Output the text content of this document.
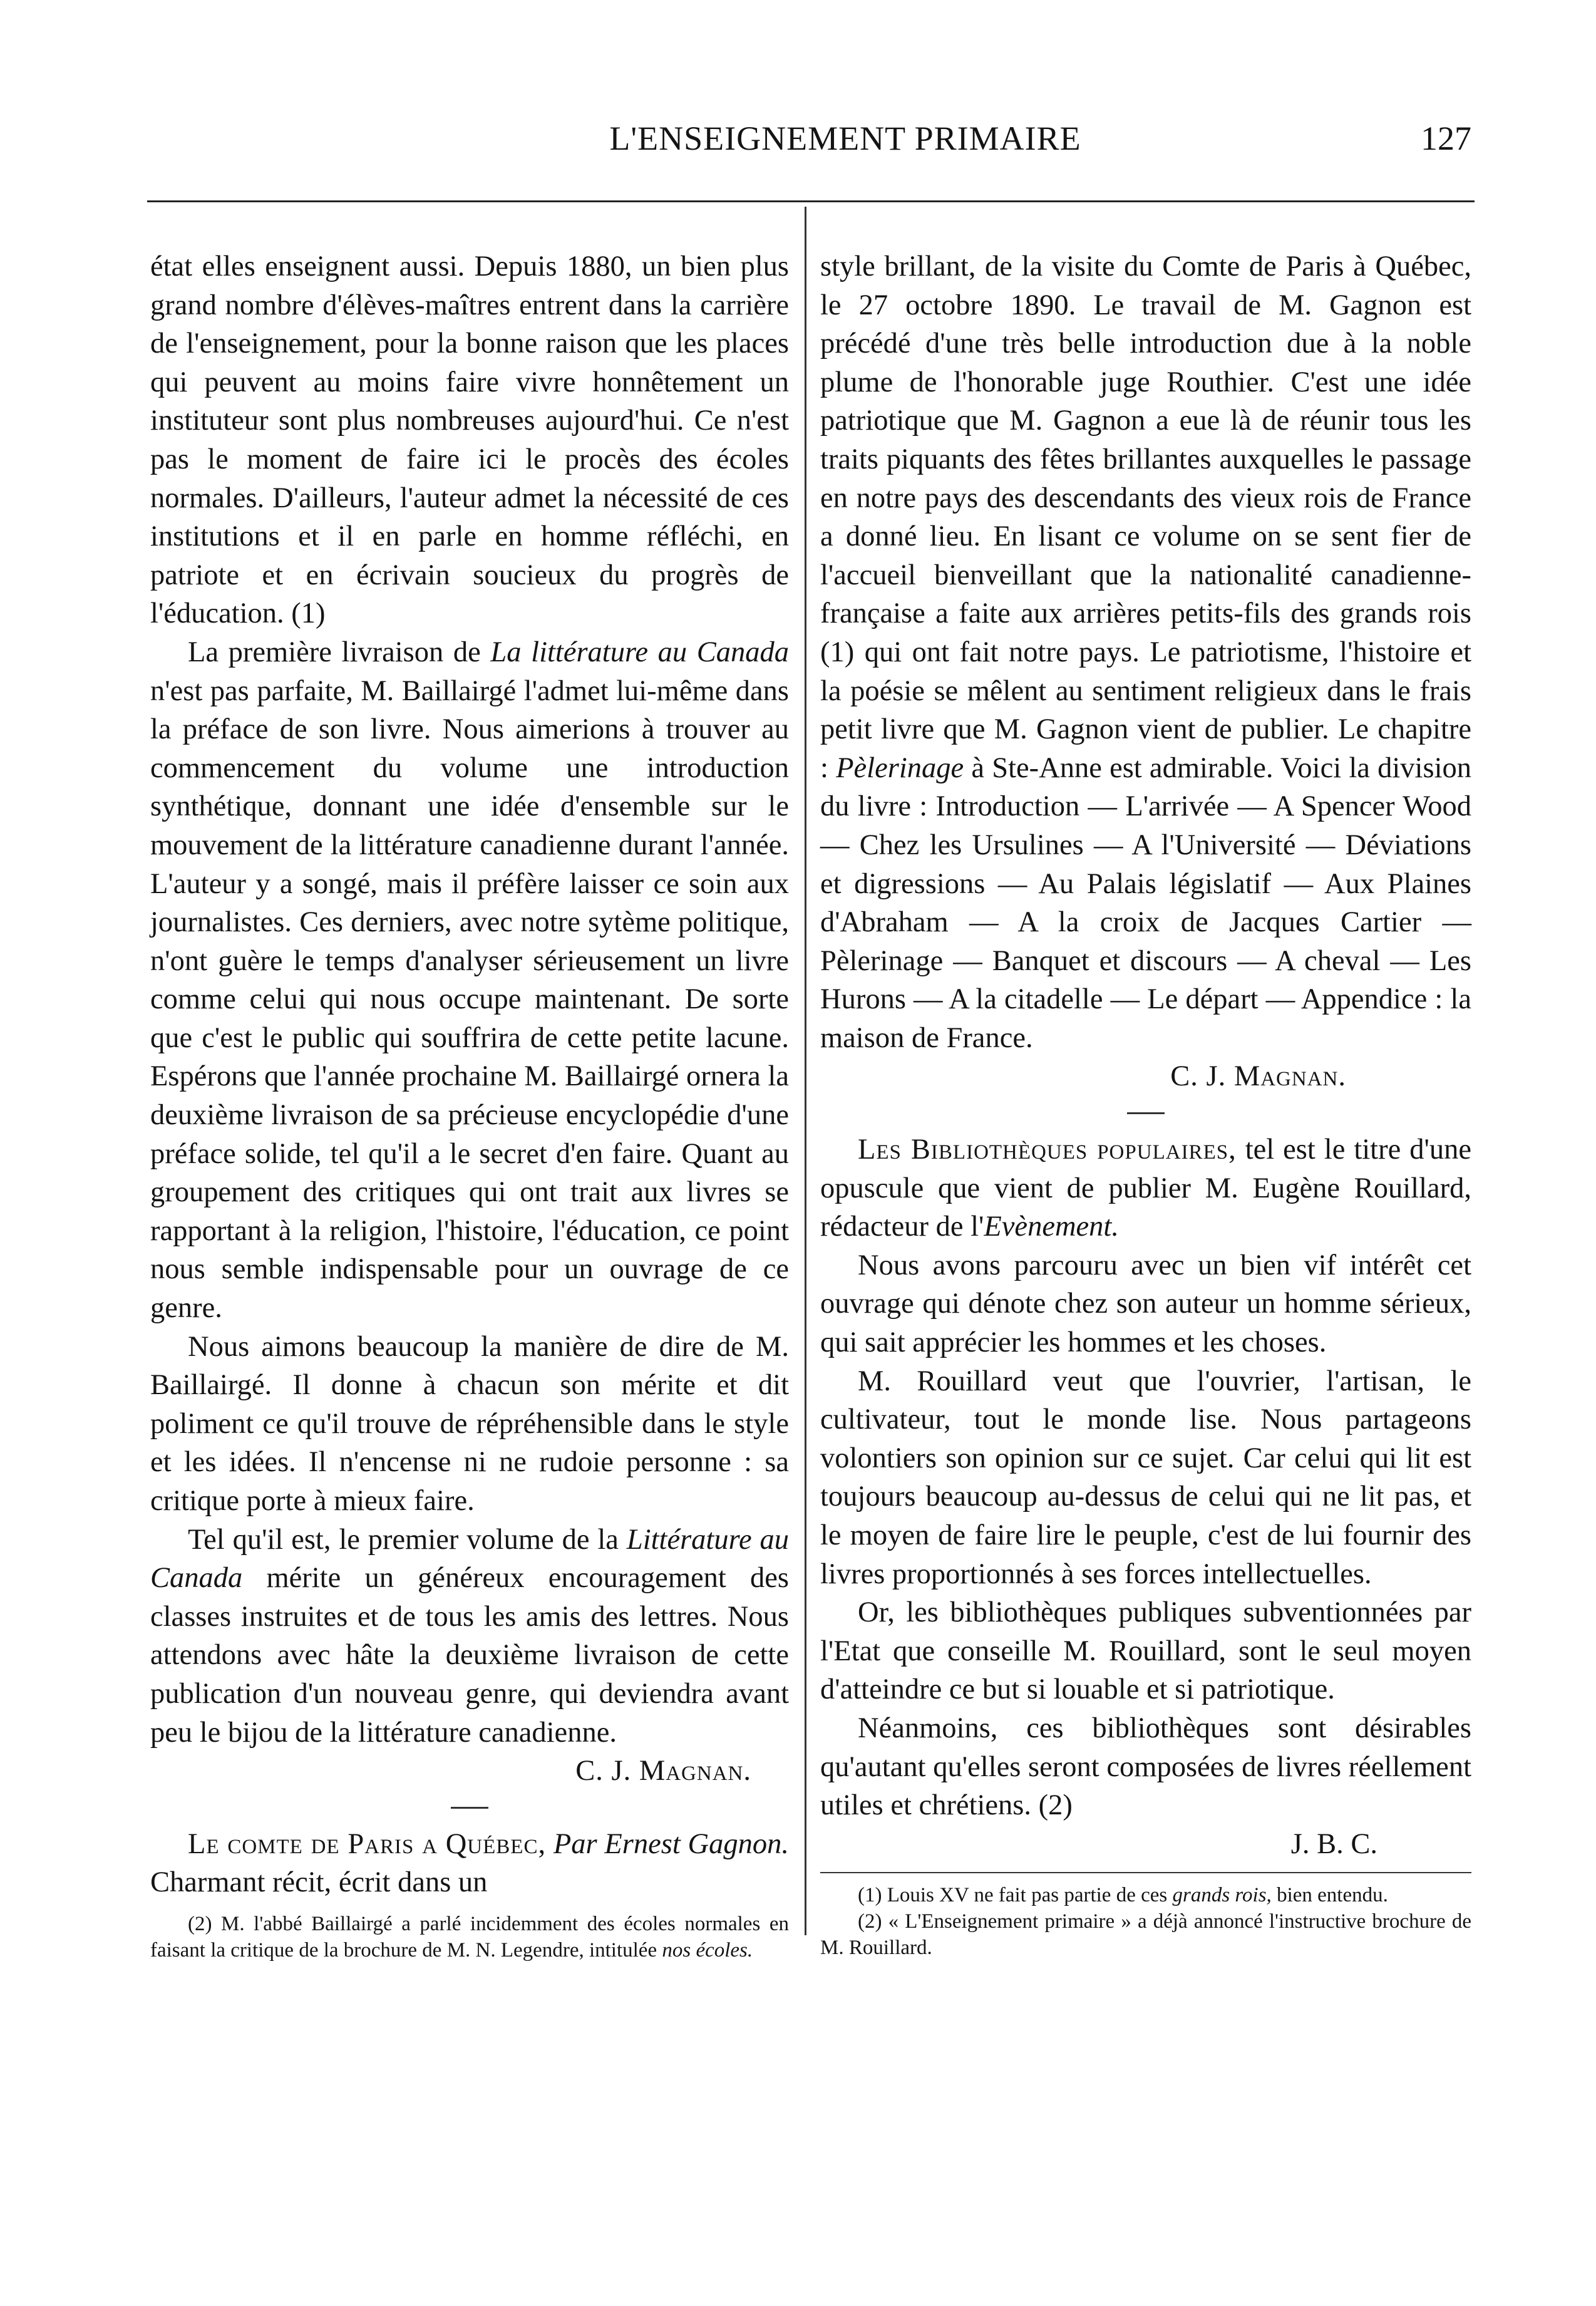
L'ENSEIGNEMENT PRIMAIRE	127

état elles enseignent aussi. Depuis 1880, un bien plus grand nombre d'élèves-maîtres entrent dans la carrière de l'enseignement, pour la bonne raison que les places qui peuvent au moins faire vivre honnêtement un instituteur sont plus nombreuses aujourd'hui. Ce n'est pas le moment de faire ici le procès des écoles normales. D'ailleurs, l'auteur admet la nécessité de ces institutions et il en parle en homme réfléchi, en patriote et en écrivain soucieux du progrès de l'éducation. (1)

La première livraison de La littérature au Canada n'est pas parfaite, M. Baillairgé l'admet lui-même dans la préface de son livre. Nous aimerions à trouver au commencement du volume une introduction synthétique, donnant une idée d'ensemble sur le mouvement de la littérature canadienne durant l'année. L'auteur y a songé, mais il préfère laisser ce soin aux journalistes. Ces derniers, avec notre sytème politique, n'ont guère le temps d'analyser sérieusement un livre comme celui qui nous occupe maintenant. De sorte que c'est le public qui souffrira de cette petite lacune. Espérons que l'année prochaine M. Baillairgé ornera la deuxième livraison de sa précieuse encyclopédie d'une préface solide, tel qu'il a le secret d'en faire. Quant au groupement des critiques qui ont trait aux livres se rapportant à la religion, l'histoire, l'éducation, ce point nous semble indispensable pour un ouvrage de ce genre.

Nous aimons beaucoup la manière de dire de M. Baillairgé. Il donne à chacun son mérite et dit poliment ce qu'il trouve de répréhensible dans le style et les idées. Il n'encense ni ne rudoie personne : sa critique porte à mieux faire.

Tel qu'il est, le premier volume de la Littérature au Canada mérite un généreux encouragement des classes instruites et de tous les amis des lettres. Nous attendons avec hâte la deuxième livraison de cette publication d'un nouveau genre, qui deviendra avant peu le bijou de la littérature canadienne.

C. J. Magnan.

Le comte de Paris a Québec, Par Ernest Gagnon. Charmant récit, écrit dans un

(2) M. l'abbé Baillairgé a parlé incidemment des écoles normales en faisant la critique de la brochure de M. N. Legendre, intitulée nos écoles.

style brillant, de la visite du Comte de Paris à Québec, le 27 octobre 1890. Le travail de M. Gagnon est précédé d'une très belle introduction due à la noble plume de l'honorable juge Routhier. C'est une idée patriotique que M. Gagnon a eue là de réunir tous les traits piquants des fêtes brillantes auxquelles le passage en notre pays des descendants des vieux rois de France a donné lieu. En lisant ce volume on se sent fier de l'accueil bienveillant que la nationalité canadienne-française a faite aux arrières petits-fils des grands rois (1) qui ont fait notre pays. Le patriotisme, l'histoire et la poésie se mêlent au sentiment religieux dans le frais petit livre que M. Gagnon vient de publier. Le chapitre : Pèlerinage à Ste-Anne est admirable. Voici la division du livre : Introduction — L'arrivée — A Spencer Wood — Chez les Ursulines — A l'Université — Déviations et digressions — Au Palais législatif — Aux Plaines d'Abraham — A la croix de Jacques Cartier — Pèlerinage — Banquet et discours — A cheval — Les Hurons — A la citadelle — Le départ — Appendice : la maison de France.

C. J. Magnan.

Les Bibliothèques populaires, tel est le titre d'une opuscule que vient de publier M. Eugène Rouillard, rédacteur de l'Evènement.

Nous avons parcouru avec un bien vif intérêt cet ouvrage qui dénote chez son auteur un homme sérieux, qui sait apprécier les hommes et les choses.

M. Rouillard veut que l'ouvrier, l'artisan, le cultivateur, tout le monde lise. Nous partageons volontiers son opinion sur ce sujet. Car celui qui lit est toujours beaucoup au-dessus de celui qui ne lit pas, et le moyen de faire lire le peuple, c'est de lui fournir des livres proportionnés à ses forces intellectuelles.

Or, les bibliothèques publiques subventionnées par l'Etat que conseille M. Rouillard, sont le seul moyen d'atteindre ce but si louable et si patriotique.

Néanmoins, ces bibliothèques sont désirables qu'autant qu'elles seront composées de livres réellement utiles et chrétiens. (2)

J. B. C.

(1) Louis XV ne fait pas partie de ces grands rois, bien entendu.

(2) « L'Enseignement primaire » a déjà annoncé l'instructive brochure de M. Rouillard.
